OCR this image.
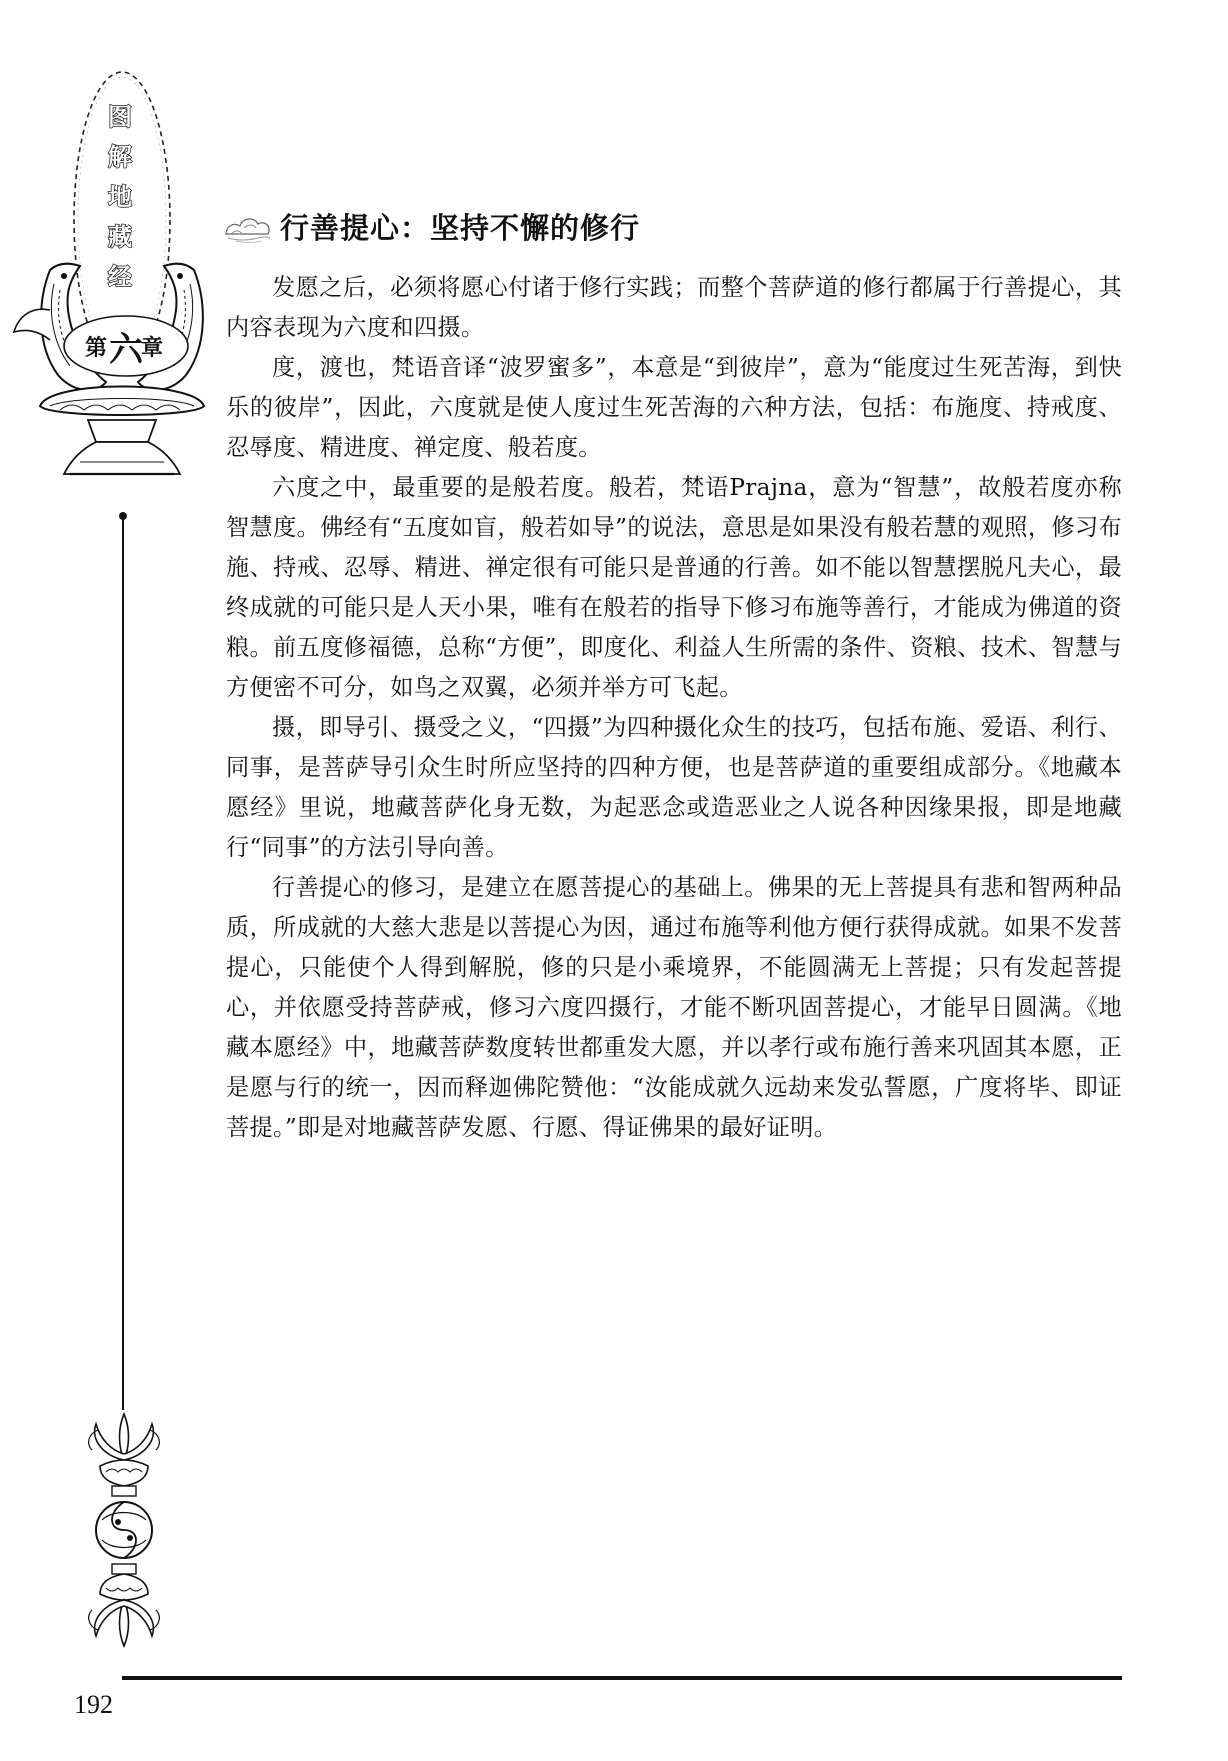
图
解
地
藏
经
第 六 章
行善提心：坚持不懈的修行

发愿之后，必须将愿心付诸于修行实践；而整个菩萨道的修行都属于行善提心，其内容表现为六度和四摄。

度，渡也，梵语音译“波罗蜜多”，本意是“到彼岸”，意为“能度过生死苦海，到快乐的彼岸”，因此，六度就是使人度过生死苦海的六种方法，包括：布施度、持戒度、忍辱度、精进度、禅定度、般若度。

六度之中，最重要的是般若度。般若，梵语Prajna，意为“智慧”，故般若度亦称智慧度。佛经有“五度如盲，般若如导”的说法，意思是如果没有般若慧的观照，修习布施、持戒、忍辱、精进、禅定很有可能只是普通的行善。如不能以智慧摆脱凡夫心，最终成就的可能只是人天小果，唯有在般若的指导下修习布施等善行，才能成为佛道的资粮。前五度修福德，总称“方便”，即度化、利益人生所需的条件、资粮、技术、智慧与方便密不可分，如鸟之双翼，必须并举方可飞起。

摄，即导引、摄受之义，“四摄”为四种摄化众生的技巧，包括布施、爱语、利行、同事，是菩萨导引众生时所应坚持的四种方便，也是菩萨道的重要组成部分。《地藏本愿经》里说，地藏菩萨化身无数，为起恶念或造恶业之人说各种因缘果报，即是地藏行“同事”的方法引导向善。

行善提心的修习，是建立在愿菩提心的基础上。佛果的无上菩提具有悲和智两种品质，所成就的大慈大悲是以菩提心为因，通过布施等利他方便行获得成就。如果不发菩提心，只能使个人得到解脱，修的只是小乘境界，不能圆满无上菩提；只有发起菩提心，并依愿受持菩萨戒，修习六度四摄行，才能不断巩固菩提心，才能早日圆满。《地藏本愿经》中，地藏菩萨数度转世都重发大愿，并以孝行或布施行善来巩固其本愿，正是愿与行的统一，因而释迦佛陀赞他：“汝能成就久远劫来发弘誓愿，广度将毕、即证菩提。”即是对地藏菩萨发愿、行愿、得证佛果的最好证明。

192
